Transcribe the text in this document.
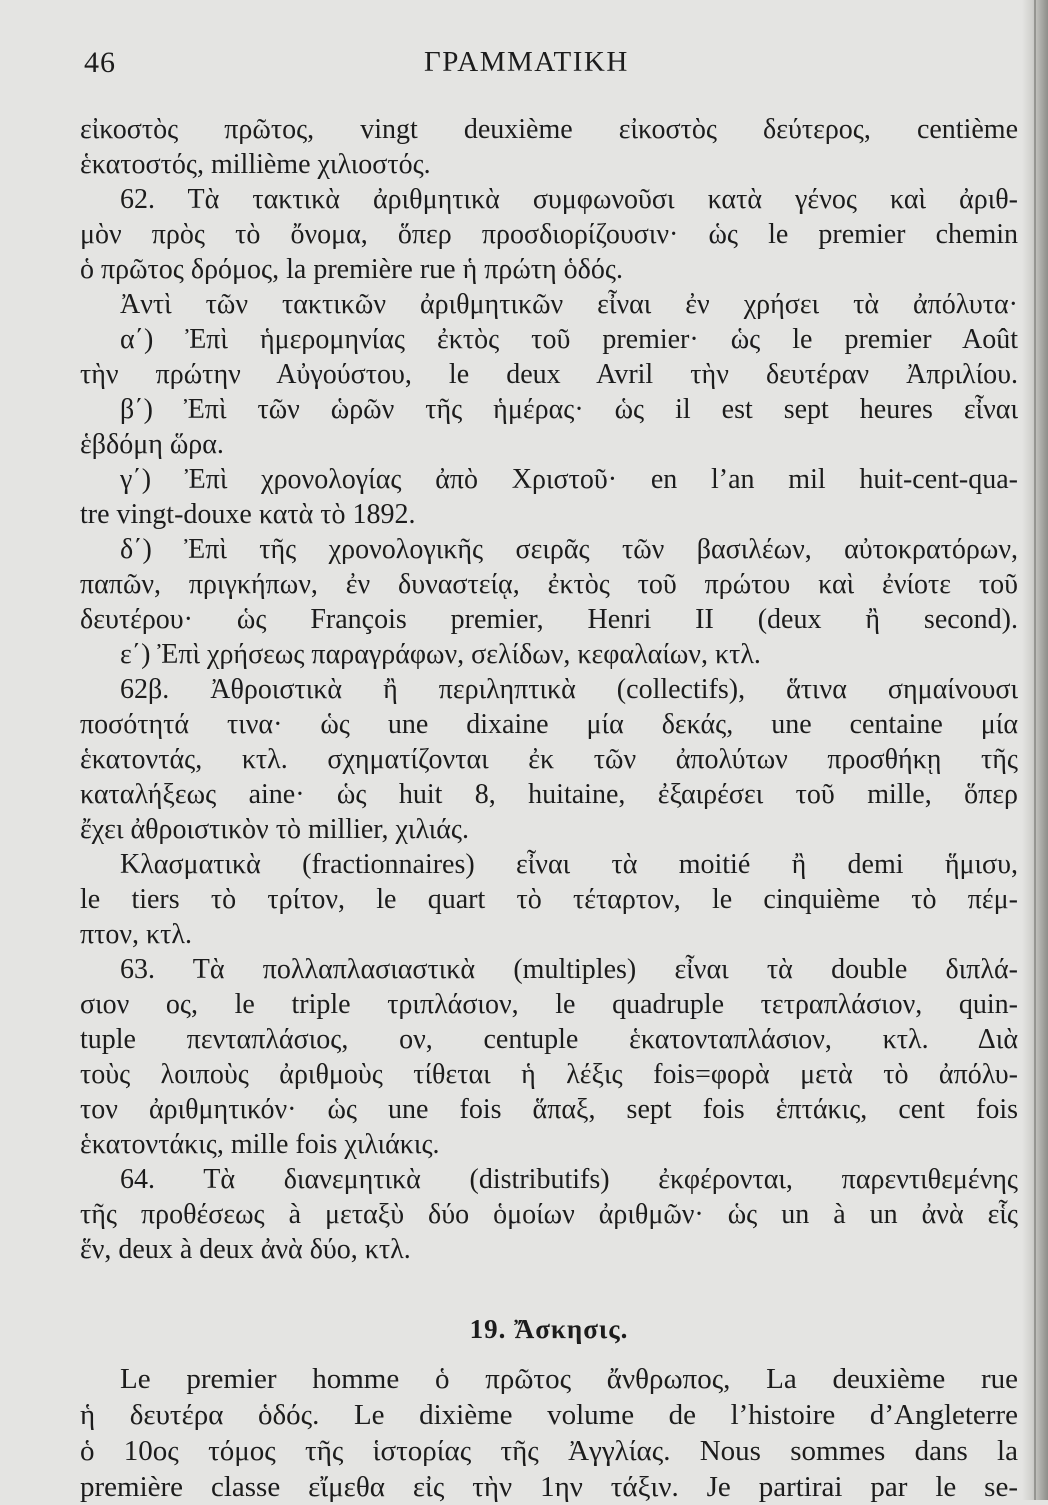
46	ΓΡΑΜΜΑΤΙΚΗ
εἰκοστὸς πρῶτος, vingt deuxième εἰκοστὸς δεύτερος, centième
ἑκατοστός, millième χιλιοστός.
62. Τὰ τακτικὰ ἀριθμητικὰ συμφωνοῦσι κατὰ γένος καὶ ἀριθ-
μὸν πρὸς τὸ ὄνομα, ὅπερ προσδιορίζουσιν· ὡς le premier chemin
ὁ πρῶτος δρόμος, la première rue ἡ πρώτη ὁδός.
Ἀντὶ τῶν τακτικῶν ἀριθμητικῶν εἶναι ἐν χρήσει τὰ ἀπόλυτα·
α΄) Ἐπὶ ἡμερομηνίας ἐκτὸς τοῦ premier· ὡς le premier Août
τὴν πρώτην Αὐγούστου, le deux Avril τὴν δευτέραν Ἀπριλίου.
β΄) Ἐπὶ τῶν ὡρῶν τῆς ἡμέρας· ὡς il est sept heures εἶναι
ἑβδόμη ὥρα.
γ΄) Ἐπὶ χρονολογίας ἀπὸ Χριστοῦ· en l’an mil huit-cent-qua-
tre vingt-douxe κατὰ τὸ 1892.
δ΄) Ἐπὶ τῆς χρονολογικῆς σειρᾶς τῶν βασιλέων, αὐτοκρατόρων,
παπῶν, πριγκήπων, ἐν δυναστείᾳ, ἐκτὸς τοῦ πρώτου καὶ ἐνίοτε τοῦ
δευτέρου· ὡς François premier, Henri II (deux ἢ second).
ε΄) Ἐπὶ χρήσεως παραγράφων, σελίδων, κεφαλαίων, κτλ.
62β. Ἀθροιστικὰ ἢ περιληπτικὰ (collectifs), ἅτινα σημαίνουσι
ποσότητά τινα· ὡς une dixaine μία δεκάς, une centaine μία
ἑκατοντάς, κτλ. σχηματίζονται ἐκ τῶν ἀπολύτων προσθήκῃ τῆς
καταλήξεως aine· ὡς huit 8, huitaine, ἐξαιρέσει τοῦ mille, ὅπερ
ἔχει ἀθροιστικὸν τὸ millier, χιλιάς.
Κλασματικὰ (fractionnaires) εἶναι τὰ moitié ἢ demi ἥμισυ,
le tiers τὸ τρίτον, le quart τὸ τέταρτον, le cinquième τὸ πέμ-
πτον, κτλ.
63. Τὰ πολλαπλασιαστικὰ (multiples) εἶναι τὰ double διπλά-
σιον ος, le triple τριπλάσιον, le quadruple τετραπλάσιον, quin-
tuple πενταπλάσιος, ον, centuple ἑκατονταπλάσιον, κτλ. Διὰ
τοὺς λοιποὺς ἀριθμοὺς τίθεται ἡ λέξις fois=φορὰ μετὰ τὸ ἀπόλυ-
τον ἀριθμητικόν· ὡς une fois ἅπαξ, sept fois ἑπτάκις, cent fois
ἑκατοντάκις, mille fois χιλιάκις.
64. Τὰ διανεμητικὰ (distributifs) ἐκφέρονται, παρεντιθεμένης
τῆς προθέσεως à μεταξὺ δύο ὁμοίων ἀριθμῶν· ὡς un à un ἀνὰ εἷς
ἕν, deux à deux ἀνὰ δύο, κτλ.
19. Ἄσκησις.
Le premier homme ὁ πρῶτος ἄνθρωπος, La deuxième rue
ἡ δευτέρα ὁδός. Le dixième volume de l’histoire d’Angleterre
ὁ 10ος τόμος τῆς ἱστορίας τῆς Ἀγγλίας. Nous sommes dans la
première classe εἴμεθα εἰς τὴν 1ην τάξιν. Je partirai par le se-
